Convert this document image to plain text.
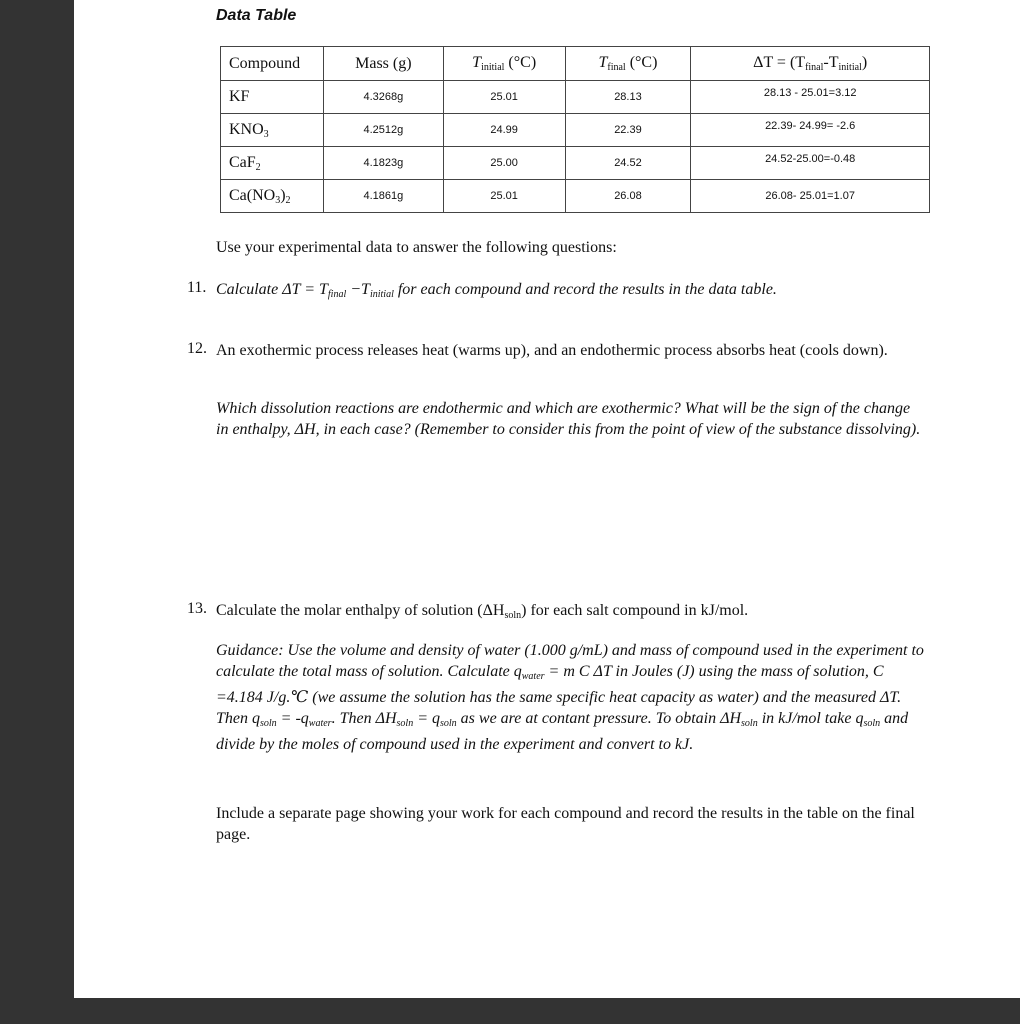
Data Table
Compound	Mass (g)	$T_{initial}$ (°C)	$T_{final}$ (°C)	$\Delta T = (T_{final}-T_{initial})$
KF	4.3268g	25.01	28.13	28.13 - 25.01=3.12
$KNO_3$	4.2512g	24.99	22.39	22.39- 24.99= -2.6
CaF$_2$	4.1823g	25.00	24.52	24.52-25.00=-0.48
$Ca(NO_3)_2$	4.1861g	25.01	26.08	26.08- 25.01=1.07
Use your experimental data to answer the following questions:
11. Calculate $\Delta T = T_{final} -T_{initial}$ for each compound and record the results in the data table.
12. An exothermic process releases heat (warms up), and an endothermic process absorbs heat (cools down).
Which dissolution reactions are endothermic and which are exothermic? What will be the sign of the change in enthalpy, ΔH, in each case? (Remember to consider this from the point of view of the substance dissolving).
13. Calculate the molar enthalpy of solution $(\Delta H_{soln})$ for each salt compound in kJ/mol.
Guidance: Use the volume and density of water (1.000 g/mL) and mass of compound used in the experiment to calculate the total mass of solution. Calculate $q_{water} = m$ C ΔT in Joules (J) using the mass of solution, C =4.184 J/g.℃ (we assume the solution has the same specific heat capacity as water) and the measured ΔT. Then $q_{soln} = -q_{water}$. Then $\Delta H_{soln} = q_{soln}$ as we are at contant pressure. To obtain $\Delta H_{soln}$ in kJ/mol take $q_{soln}$ and divide by the moles of compound used in the experiment and convert to kJ.
Include a separate page showing your work for each compound and record the results in the table on the final page.
